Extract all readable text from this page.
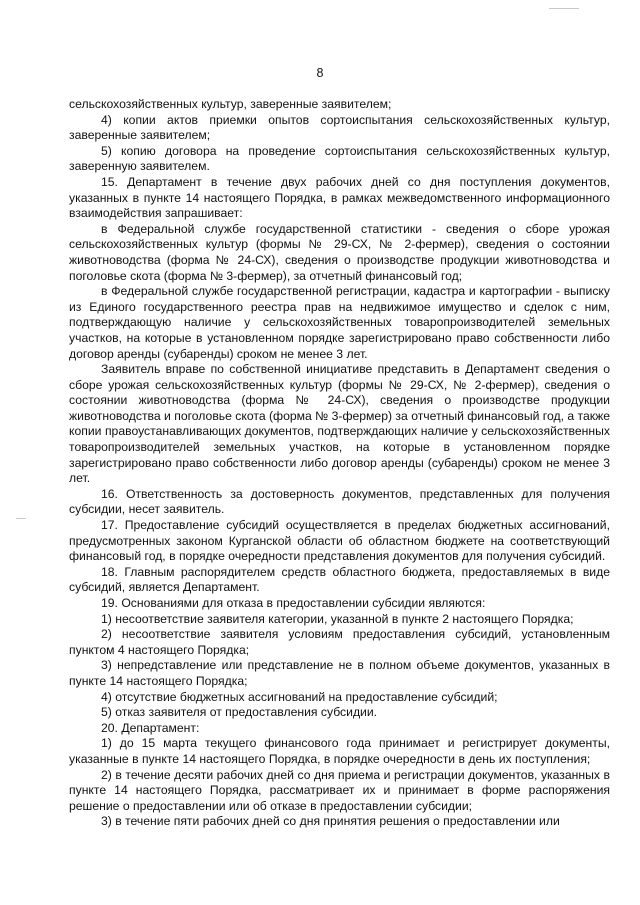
8

сельскохозяйственных культур, заверенные заявителем;

4) копии актов приемки опытов сортоиспытания сельскохозяйственных культур, заверенные заявителем;

5) копию договора на проведение сортоиспытания сельскохозяйственных культур, заверенную заявителем.

15. Департамент в течение двух рабочих дней со дня поступления документов, указанных в пункте 14 настоящего Порядка, в рамках межведомственного информационного взаимодействия запрашивает:

в Федеральной службе государственной статистики - сведения о сборе урожая сельскохозяйственных культур (формы № 29-СХ, № 2-фермер), сведения о состоянии животноводства (форма № 24-СХ), сведения о производстве продукции животноводства и поголовье скота (форма № 3-фермер), за отчетный финансовый год;

в Федеральной службе государственной регистрации, кадастра и картографии - выписку из Единого государственного реестра прав на недвижимое имущество и сделок с ним, подтверждающую наличие у сельскохозяйственных товаропроизводителей земельных участков, на которые в установленном порядке зарегистрировано право собственности либо договор аренды (субаренды) сроком не менее 3 лет.

Заявитель вправе по собственной инициативе представить в Департамент сведения о сборе урожая сельскохозяйственных культур (формы № 29-СХ, № 2-фермер), сведения о состоянии животноводства (форма № 24-СХ), сведения о производстве продукции животноводства и поголовье скота (форма № 3-фермер) за отчетный финансовый год, а также копии правоустанавливающих документов, подтверждающих наличие у сельскохозяйственных товаропроизводителей земельных участков, на которые в установленном порядке зарегистрировано право собственности либо договор аренды (субаренды) сроком не менее 3 лет.

16. Ответственность за достоверность документов, представленных для получения субсидии, несет заявитель.

17. Предоставление субсидий осуществляется в пределах бюджетных ассигнований, предусмотренных законом Курганской области об областном бюджете на соответствующий финансовый год, в порядке очередности представления документов для получения субсидий.

18. Главным распорядителем средств областного бюджета, предоставляемых в виде субсидий, является Департамент.

19. Основаниями для отказа в предоставлении субсидии являются:

1) несоответствие заявителя категории, указанной в пункте 2 настоящего Порядка;

2) несоответствие заявителя условиям предоставления субсидий, установленным пунктом 4 настоящего Порядка;

3) непредставление или представление не в полном объеме документов, указанных в пункте 14 настоящего Порядка;

4) отсутствие бюджетных ассигнований на предоставление субсидий;

5) отказ заявителя от предоставления субсидии.

20. Департамент:

1) до 15 марта текущего финансового года принимает и регистрирует документы, указанные в пункте 14 настоящего Порядка, в порядке очередности в день их поступления;

2) в течение десяти рабочих дней со дня приема и регистрации документов, указанных в пункте 14 настоящего Порядка, рассматривает их и принимает в форме распоряжения решение о предоставлении или об отказе в предоставлении субсидии;

3) в течение пяти рабочих дней со дня принятия решения о предоставлении или
